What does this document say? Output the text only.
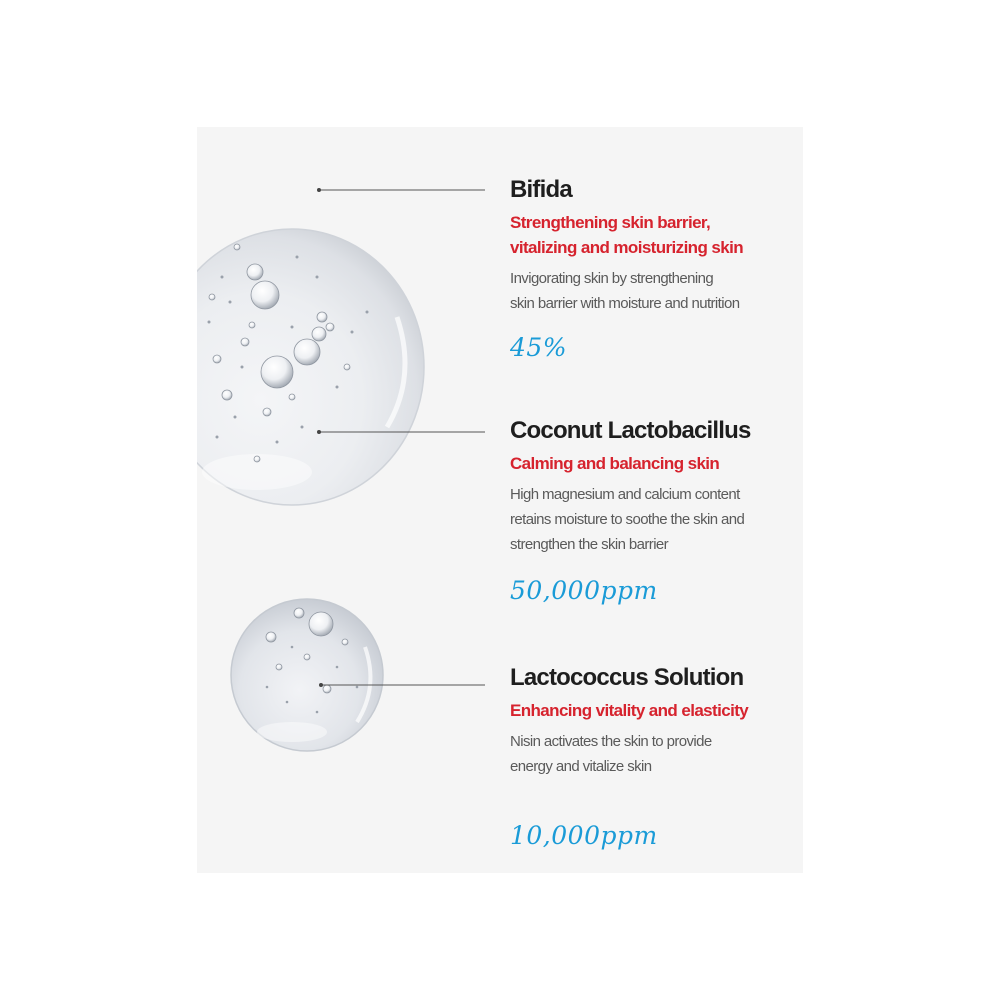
Bifida
Strengthening skin barrier,
vitalizing and moisturizing skin
Invigorating skin by strengthening
skin barrier with moisture and nutrition
45%
Coconut Lactobacillus
Calming and balancing skin
High magnesium and calcium content
retains moisture to soothe the skin and
strengthen the skin barrier
50,000ppm
Lactococcus Solution
Enhancing vitality and elasticity
Nisin activates the skin to provide
energy and vitalize skin
10,000ppm
